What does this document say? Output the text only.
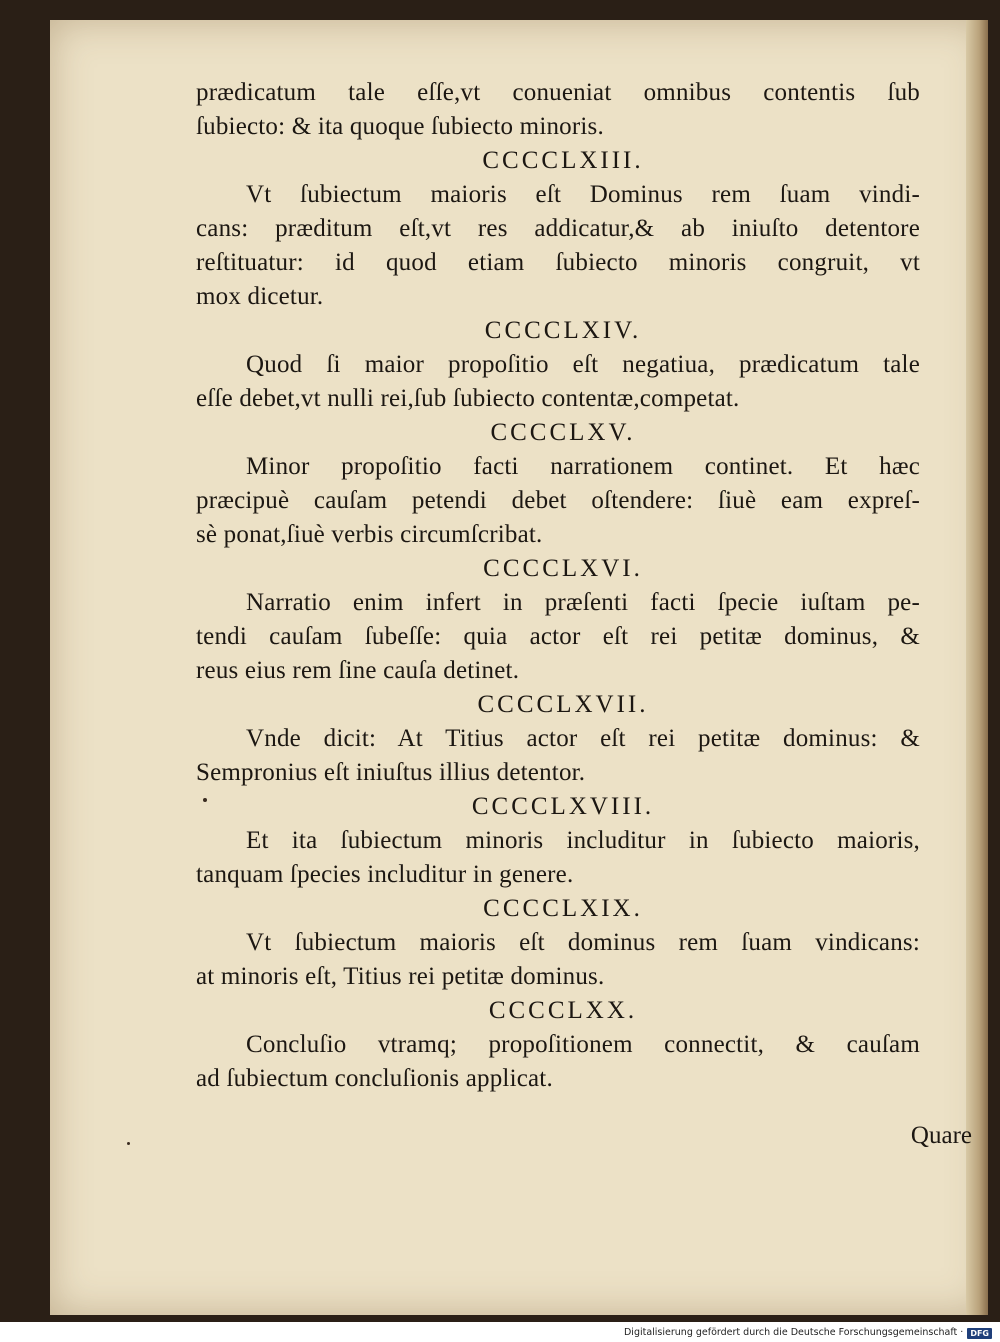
prædicatum tale eſſe,vt conueniat omnibus contentis ſub
ſubiecto: & ita quoque ſubiecto minoris.
CCCCLXIII.
Vt ſubiectum maioris eſt Dominus rem ſuam vindi-
cans: præditum eſt,vt res addicatur,& ab iniuſto detentore
reſtituatur: id quod etiam ſubiecto minoris congruit, vt
mox dicetur.
CCCCLXIV.
Quod ſi maior propoſitio eſt negatiua, prædicatum tale
eſſe debet,vt nulli rei,ſub ſubiecto contentæ,competat.
CCCCLXV.
Minor propoſitio facti narrationem continet. Et hæc
præcipuè cauſam petendi debet oſtendere: ſiuè eam expreſ-
sè ponat,ſiuè verbis circumſcribat.
CCCCLXVI.
Narratio enim infert in præſenti facti ſpecie iuſtam pe-
tendi cauſam ſubeſſe: quia actor eſt rei petitæ dominus, &
reus eius rem ſine cauſa detinet.
CCCCLXVII.
Vnde dicit: At Titius actor eſt rei petitæ dominus: &
Sempronius eſt iniuſtus illius detentor.
CCCCLXVIII.
Et ita ſubiectum minoris includitur in ſubiecto maioris,
tanquam ſpecies includitur in genere.
CCCCLXIX.
Vt ſubiectum maioris eſt dominus rem ſuam vindicans:
at minoris eſt, Titius rei petitæ dominus.
CCCCLXX.
Concluſio vtramq; propoſitionem connectit, & cauſam
ad ſubiectum concluſionis applicat.
Quare
Digitalisierung gefördert durch die Deutsche Forschungsgemeinschaft · DFG
